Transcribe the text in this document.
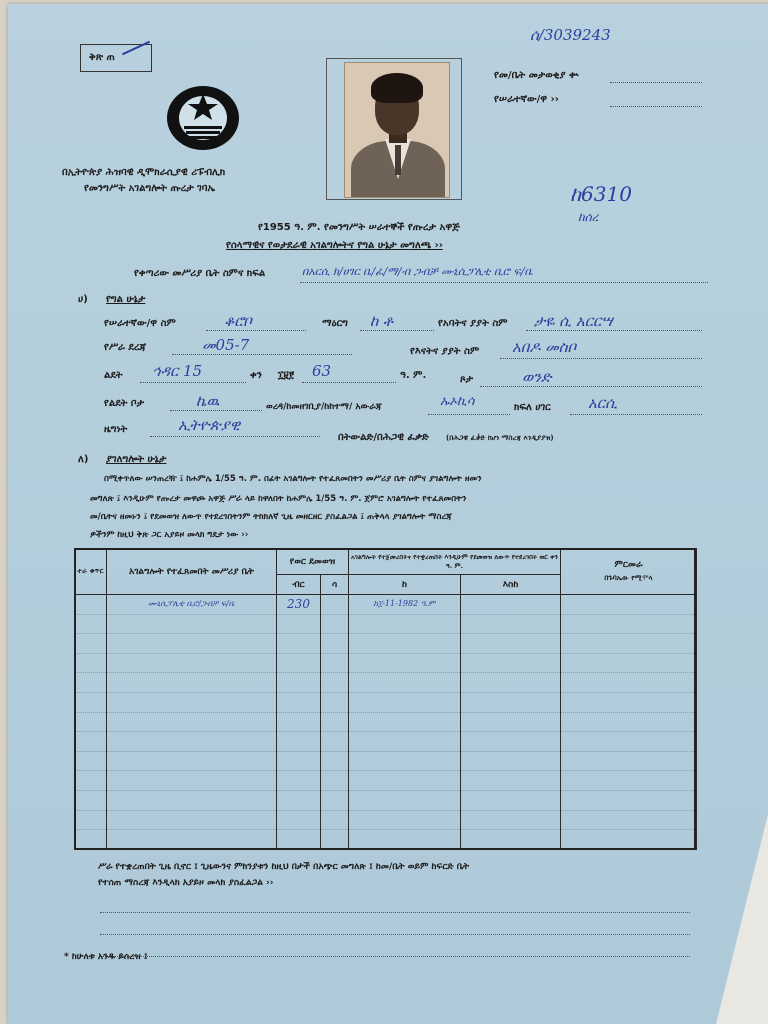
ቅጽ ጠ
በኢትዮጵያ ሕዝባዊ ዲሞክራሲያዊ ሪፑብሊክ
የመንግሥት አገልግሎት ጡረታ ገባኤ
ሰ/3039243
የመ/ቤት መታወቂያ ቍ
የሠራተኛው/ዋ ››
ከ6310
ከሰረ
የ1955 ዓ. ም. የመንግሥት ሠራተኞች የጡረታ አዋጅ
የሰላማዊና የወታደራዊ አገልግሎትና የግል ሁኔታ መግለጫ ››
የቀጣሪው መሥሪያ ቤት ስምና ክፍል	በአርሲ ክ/ሀገር ቤ/ፈ/ማ/ብ ጋብቻ ሙኒሲፓሊቲ ቢሮ ፍ/ቤ
ሀ) የግል ሁኔታ
የሠራተኛው/ዋ ስም	ቆሮቦ	ማዕርግ ከ ቶ	የአባትና ያያት ስም ታዬ ሲ አርርሣ
የሥራ ደረጃ	መ05-7	የእናትና ያያት ስም አበዶ መስቦ
ልደት ኅዳር 15	ቀን ፲፱፻ 63	ዓ. ም.	ጾታ	ወንድ
የልደት ቦታ	ኬዉ	ወረዳ/ከመዘገቢያ/ከከተማ/ አውራጃ	ኡኦኪሳ	ክፍለ ሀገር አርሲ
ዜግነት	ኢትዮጵያዊ
በትውልድ/በሕጋዊ ፈቃድ (በሕጋዊ ፈቃድ ከሆነ ማስረጃ እንዲያያዝ)
ለ) ያገለግሎት ሁኔታ
በሚቀጥለው ሠንጠረዥ ፤ ከሐምሌ 1/55 ዓ. ም. በፊት አገልግሎት የተፈጸመበትን መሥሪያ ቤት ስምና ያገልግሎት ዘመን
መግለጽ ፤ እንዲሁም የጡረታ መዋጮ አዋጅ ሥራ ላይ ከዋለበት ከሐምሌ 1/55 ዓ. ም. ጀምሮ አገልግሎት የተፈጸመበትን
መ/ቤትና ዘመኑን ፤ የደመወዝ ለውጥ የተደረገበትንም ትክክለኛ ጊዜ መዘርዘር ያስፈልጋል ፤ ጠቅላላ ያገልግሎት ማስረጃ
ዎችንም ከዚህ ቅጽ ጋር አያይዞ መላክ ግዴታ ነው ››
ተራ ቁጥር	አገልግሎት የተፈጸመበት መሥሪያ ቤት	የወር ደመወዝ		አገልግሎት የተጀመረበትና የተቋረጠበት እንዲሁም የደመወዝ ለውጥ የተደረገበት ወር ቀን ዓ. ም.		ምርመራ
በጉባኤው የሚሞላ

		ብር	ሳ	ከ	እስከ	
	ሙኒሲፓሊቲ ቢሮ/ጋብቻ ፍ/ቤ	230		ከ፲-11-1982 ዓ.ም		

ሥራ የተቋረጠበት ጊዜ ቢኖር ፤ ጊዜውንና ምክንያቱን ከዚህ በታች በአጭር መግለጽ ፤ ከመ/ቤት ወይም ከፍርድ ቤት
የተሰጠ ማስረጃ እንዲላክ አያይዞ መላክ ያስፈልጋል ››
* ከሁለቱ አንዱ ይሰረዝ ፤
